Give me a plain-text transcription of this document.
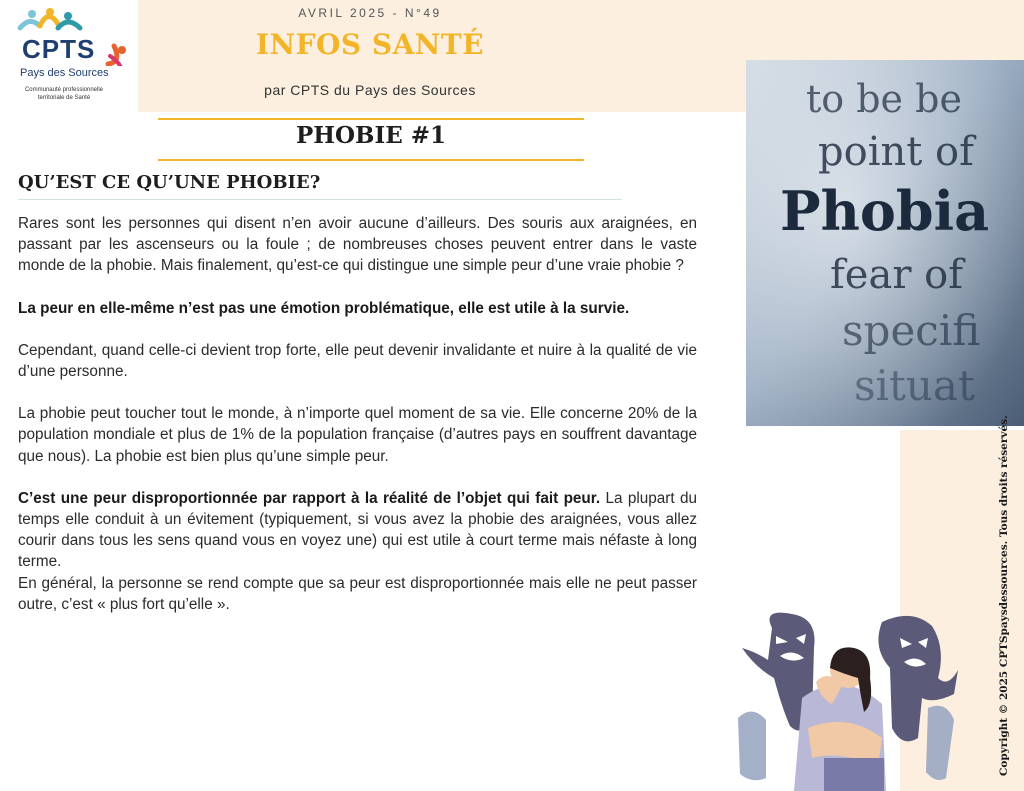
CPTS
Pays des Sources
Communauté professionnelle territoriale de Santé
AVRIL 2025 - N°49
INFOS SANTÉ
par CPTS du Pays des Sources
PHOBIE #1
QU’EST CE QU’UNE PHOBIE?

Rares sont les personnes qui disent n’en avoir aucune d’ailleurs. Des souris aux araignées, en passant par les ascenseurs ou la foule ; de nombreuses choses peuvent entrer dans le vaste monde de la phobie. Mais finalement, qu’est-ce qui distingue une simple peur d’une vraie phobie ?

La peur en elle-même n’est pas une émotion problématique, elle est utile à la survie.

Cependant, quand celle-ci devient trop forte, elle peut devenir invalidante et nuire à la qualité de vie d’une personne.

La phobie peut toucher tout le monde, à n’importe quel moment de sa vie. Elle concerne 20% de la population mondiale et plus de 1% de la population française (d’autres pays en souffrent davantage que nous). La phobie est bien plus qu’une simple peur.

C’est une peur disproportionnée par rapport à la réalité de l’objet qui fait peur. La plupart du temps elle conduit à un évitement (typiquement, si vous avez la phobie des araignées, vous allez courir dans tous les sens quand vous en voyez une) qui est utile à court terme mais néfaste à long terme.

En général, la personne se rend compte que sa peur est disproportionnée mais elle ne peut passer outre, c’est « plus fort qu’elle ».

to be be
point of
Phobia
fear of
specifi
situat
Copyright © 2025 CPTSpaysdessources. Tous droits réservés.
